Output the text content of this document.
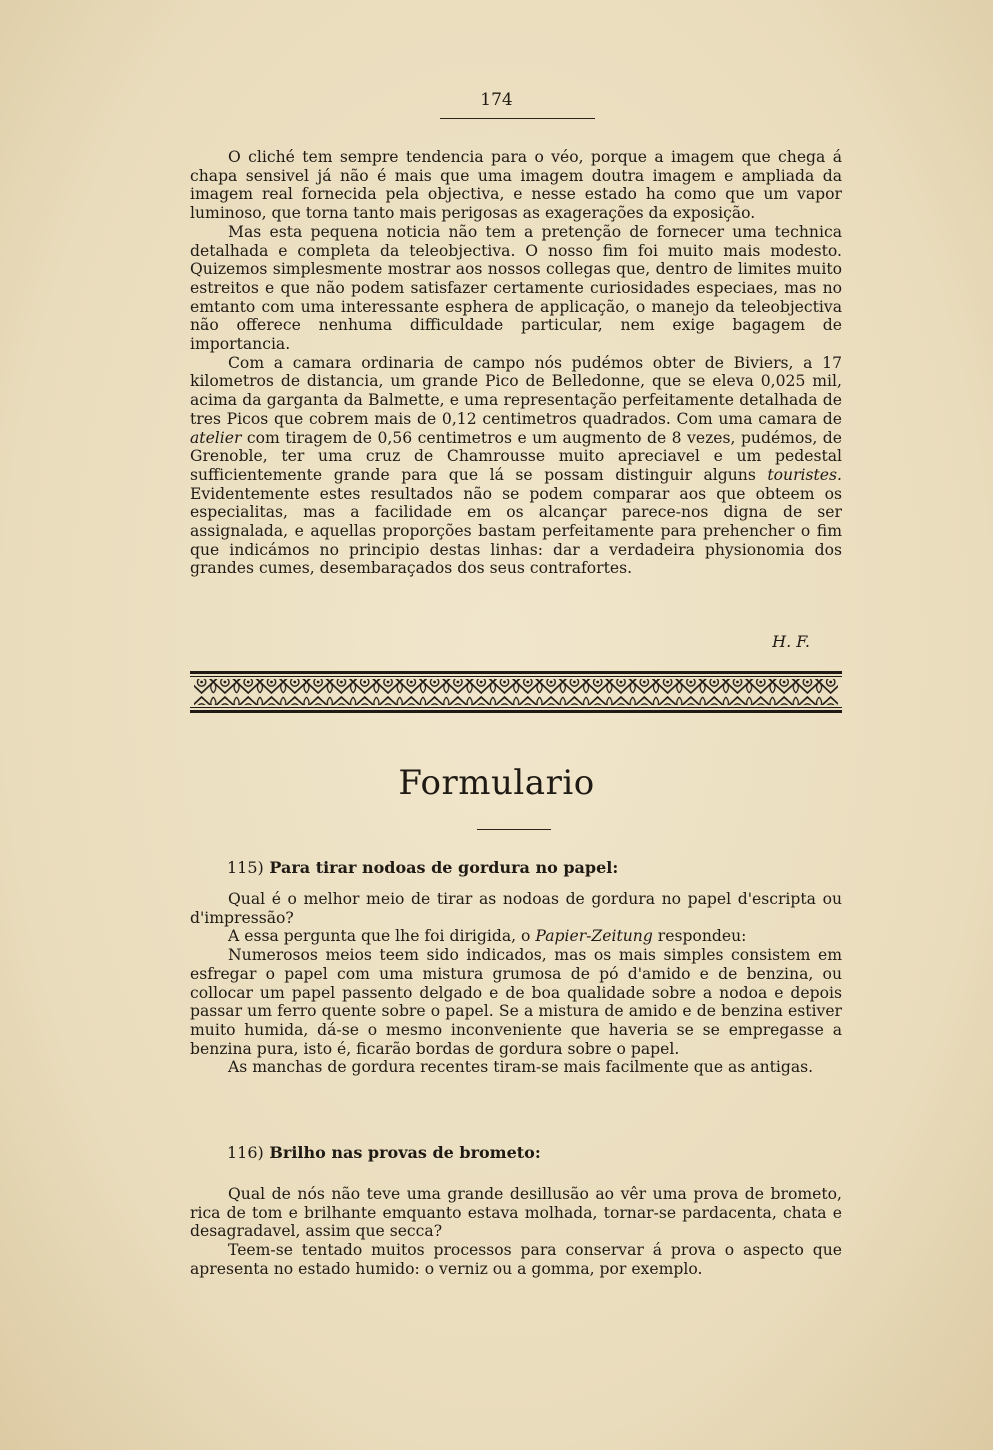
174

O cliché tem sempre tendencia para o véo, porque a imagem que chega á chapa sensivel já não é mais que uma imagem doutra imagem e ampliada da imagem real fornecida pela objectiva, e nesse estado ha como que um vapor luminoso, que torna tanto mais perigosas as exagerações da exposição.

Mas esta pequena noticia não tem a pretenção de fornecer uma technica detalhada e completa da teleobjectiva. O nosso fim foi muito mais modesto. Quizemos simplesmente mostrar aos nossos collegas que, dentro de limites muito estreitos e que não podem satisfazer certamente curiosidades especiaes, mas no emtanto com uma interessante esphera de applicação, o manejo da teleobjectiva não offerece nenhuma difficuldade particular, nem exige bagagem de importancia.

Com a camara ordinaria de campo nós pudémos obter de Biviers, a 17 kilometros de distancia, um grande Pico de Belledonne, que se eleva 0,025 mil, acima da garganta da Balmette, e uma representação perfeitamente detalhada de tres Picos que cobrem mais de 0,12 centimetros quadrados. Com uma camara de atelier com tiragem de 0,56 centimetros e um augmento de 8 vezes, pudémos, de Grenoble, ter uma cruz de Chamrousse muito apreciavel e um pedestal sufficientemente grande para que lá se possam distinguir alguns touristes. Evidentemente estes resultados não se podem comparar aos que obteem os especialitas, mas a facilidade em os alcançar parece-nos digna de ser assignalada, e aquellas proporções bastam perfeitamente para prehencher o fim que indicámos no principio destas linhas: dar a verdadeira physionomia dos grandes cumes, desembaraçados dos seus contrafortes.

H. F.
Formulario
115) Para tirar nodoas de gordura no papel:

Qual é o melhor meio de tirar as nodoas de gordura no papel d'escripta ou d'impressão?

A essa pergunta que lhe foi dirigida, o Papier-Zeitung respondeu:

Numerosos meios teem sido indicados, mas os mais simples consistem em esfregar o papel com uma mistura grumosa de pó d'amido e de benzina, ou collocar um papel passento delgado e de boa qualidade sobre a nodoa e depois passar um ferro quente sobre o papel. Se a mistura de amido e de benzina estiver muito humida, dá-se o mesmo inconveniente que haveria se se empregasse a benzina pura, isto é, ficarão bordas de gordura sobre o papel.

As manchas de gordura recentes tiram-se mais facilmente que as antigas.

116) Brilho nas provas de brometo:

Qual de nós não teve uma grande desillusão ao vêr uma prova de brometo, rica de tom e brilhante emquanto estava molhada, tornar-se pardacenta, chata e desagradavel, assim que secca?

Teem-se tentado muitos processos para conservar á prova o aspecto que apresenta no estado humido: o verniz ou a gomma, por exemplo.
